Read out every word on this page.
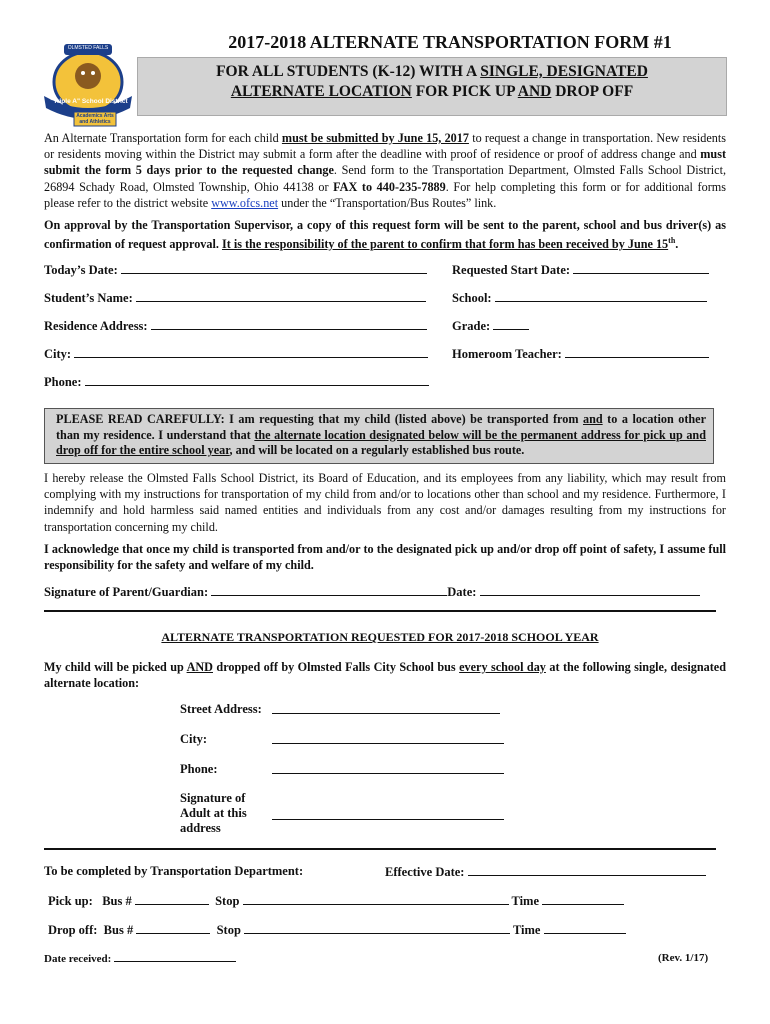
OLMSTED FALLS
"Triple A" School District
Academics Arts and Athletics
2017-2018 ALTERNATE TRANSPORTATION FORM #1
FOR ALL STUDENTS (K-12) WITH A SINGLE, DESIGNATED
ALTERNATE LOCATION FOR PICK UP AND DROP OFF
An Alternate Transportation form for each child must be submitted by June 15, 2017 to request a change in transportation. New residents or residents moving within the District may submit a form after the deadline with proof of residence or proof of address change and must submit the form 5 days prior to the requested change. Send form to the Transportation Department, Olmsted Falls School District, 26894 Schady Road, Olmsted Township, Ohio 44138 or FAX to 440-235-7889. For help completing this form or for additional forms please refer to the district website www.ofcs.net under the “Transportation/Bus Routes” link.
On approval by the Transportation Supervisor, a copy of this request form will be sent to the parent, school and bus driver(s) as confirmation of request approval. It is the responsibility of the parent to confirm that form has been received by June 15th.
Today’s Date:	Requested Start Date:
Student’s Name:	School:
Residence Address:	Grade:
City:	Homeroom Teacher:
Phone:
PLEASE READ CAREFULLY: I am requesting that my child (listed above) be transported from and to a location other than my residence. I understand that the alternate location designated below will be the permanent address for pick up and drop off for the entire school year, and will be located on a regularly established bus route.
I hereby release the Olmsted Falls School District, its Board of Education, and its employees from any liability, which may result from complying with my instructions for transportation of my child from and/or to locations other than school and my residence. Furthermore, I indemnify and hold harmless said named entities and individuals from any cost and/or damages resulting from my instructions for transportation concerning my child.
I acknowledge that once my child is transported from and/or to the designated pick up and/or drop off point of safety, I assume full responsibility for the safety and welfare of my child.
Signature of Parent/Guardian:	Date:
ALTERNATE TRANSPORTATION REQUESTED FOR 2017-2018 SCHOOL YEAR
My child will be picked up AND dropped off by Olmsted Falls City School bus every school day at the following single, designated alternate location:
Street Address:
City:
Phone:
Signature of
Adult at this
address
To be completed by Transportation Department:	Effective Date:
Pick up: Bus #	Stop	Time
Drop off: Bus #	Stop	Time
Date received:	(Rev. 1/17)
